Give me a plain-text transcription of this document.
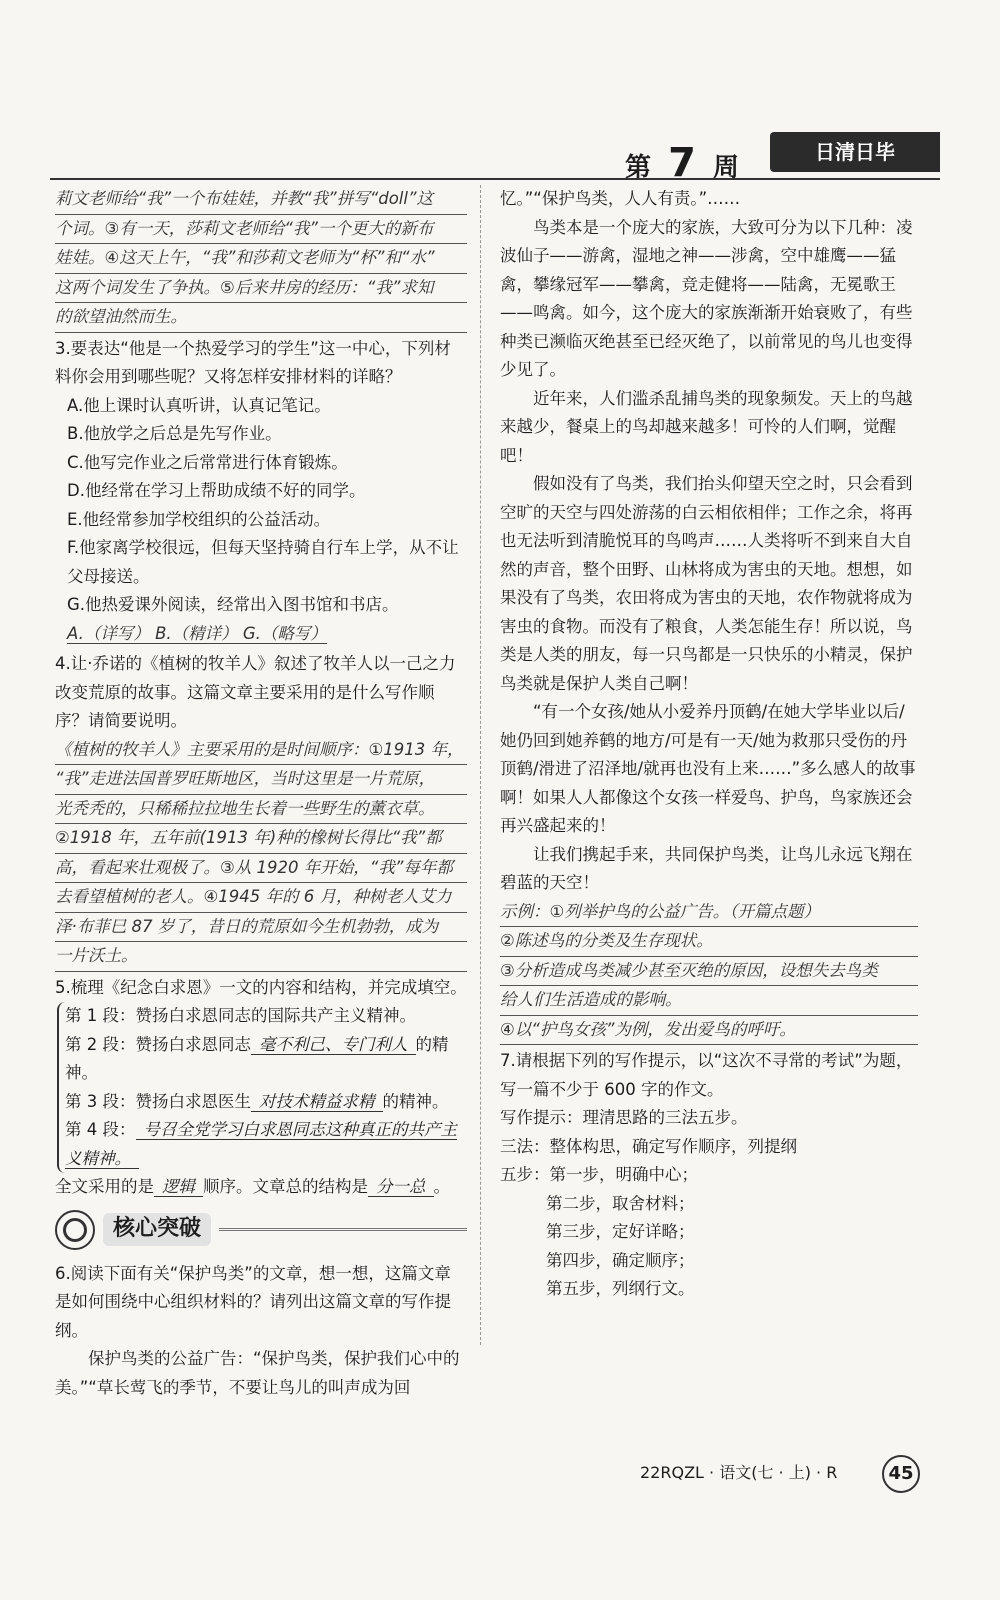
第 7 周
日清日毕

莉文老师给“我”一个布娃娃，并教“我”拼写“doll”这

个词。③有一天，莎莉文老师给“我”一个更大的新布

娃娃。④这天上午，“我”和莎莉文老师为“杯”和“水”

这两个词发生了争执。⑤后来井房的经历：“我”求知

的欲望油然而生。

3.要表达“他是一个热爱学习的学生”这一中心，下列材料你会用到哪些呢？又将怎样安排材料的详略？

A.他上课时认真听讲，认真记笔记。

B.他放学之后总是先写作业。

C.他写完作业之后常常进行体育锻炼。

D.他经常在学习上帮助成绩不好的同学。

E.他经常参加学校组织的公益活动。

F.他家离学校很远，但每天坚持骑自行车上学，从不让父母接送。

G.他热爱课外阅读，经常出入图书馆和书店。

A.（详写） B.（精详） G.（略写）

4.让·乔诺的《植树的牧羊人》叙述了牧羊人以一己之力改变荒原的故事。这篇文章主要采用的是什么写作顺序？请简要说明。

《植树的牧羊人》主要采用的是时间顺序：①1913 年，

“我”走进法国普罗旺斯地区，当时这里是一片荒原，

光秃秃的，只稀稀拉拉地生长着一些野生的薰衣草。

②1918 年，五年前(1913 年)种的橡树长得比“我”都

高，看起来壮观极了。③从 1920 年开始，“我”每年都

去看望植树的老人。④1945 年的 6 月，种树老人艾力

泽·布菲巳 87 岁了，昔日的荒原如今生机勃勃，成为

一片沃土。

5.梳理《纪念白求恩》一文的内容和结构，并完成填空。

第 1 段：赞扬白求恩同志的国际共产主义精神。

第 2 段：赞扬白求恩同志 毫不利己、专门利人 的精神。

第 3 段：赞扬白求恩医生 对技术精益求精 的精神。

第 4 段： 号召全党学习白求恩同志这种真正的共产主义精神。

全文采用的是 逻辑 顺序。文章总的结构是 分一总 。

核心突破

6.阅读下面有关“保护鸟类”的文章，想一想，这篇文章是如何围绕中心组织材料的？请列出这篇文章的写作提纲。

保护鸟类的公益广告：“保护鸟类，保护我们心中的美。”“草长莺飞的季节，不要让鸟儿的叫声成为回

忆。”“保护鸟类，人人有责。”……

鸟类本是一个庞大的家族，大致可分为以下几种：凌波仙子——游禽，湿地之神——涉禽，空中雄鹰——猛禽，攀缘冠军——攀禽，竞走健将——陆禽，无冕歌王——鸣禽。如今，这个庞大的家族渐渐开始衰败了，有些种类已濒临灭绝甚至已经灭绝了，以前常见的鸟儿也变得少见了。

近年来，人们滥杀乱捕鸟类的现象频发。天上的鸟越来越少，餐桌上的鸟却越来越多！可怜的人们啊，觉醒吧！

假如没有了鸟类，我们抬头仰望天空之时，只会看到空旷的天空与四处游荡的白云相依相伴；工作之余，将再也无法听到清脆悦耳的鸟鸣声……人类将听不到来自大自然的声音，整个田野、山林将成为害虫的天地。想想，如果没有了鸟类，农田将成为害虫的天地，农作物就将成为害虫的食物。而没有了粮食，人类怎能生存！所以说，鸟类是人类的朋友，每一只鸟都是一只快乐的小精灵，保护鸟类就是保护人类自己啊！

“有一个女孩/她从小爱养丹顶鹤/在她大学毕业以后/她仍回到她养鹤的地方/可是有一天/她为救那只受伤的丹顶鹤/滑进了沼泽地/就再也没有上来……”多么感人的故事啊！如果人人都像这个女孩一样爱鸟、护鸟，鸟家族还会再兴盛起来的！

让我们携起手来，共同保护鸟类，让鸟儿永远飞翔在碧蓝的天空！

示例：①列举护鸟的公益广告。（开篇点题）

②陈述鸟的分类及生存现状。

③分析造成鸟类减少甚至灭绝的原因，设想失去鸟类

给人们生活造成的影响。

④以“护鸟女孩”为例，发出爱鸟的呼吁。

7.请根据下列的写作提示，以“这次不寻常的考试”为题，写一篇不少于 600 字的作文。

写作提示：理清思路的三法五步。

三法：整体构思，确定写作顺序，列提纲

五步：第一步，明确中心；

第二步，取舍材料；

第三步，定好详略；

第四步，确定顺序；

第五步，列纲行文。

22RQZL · 语文(七 · 上) · R	45
